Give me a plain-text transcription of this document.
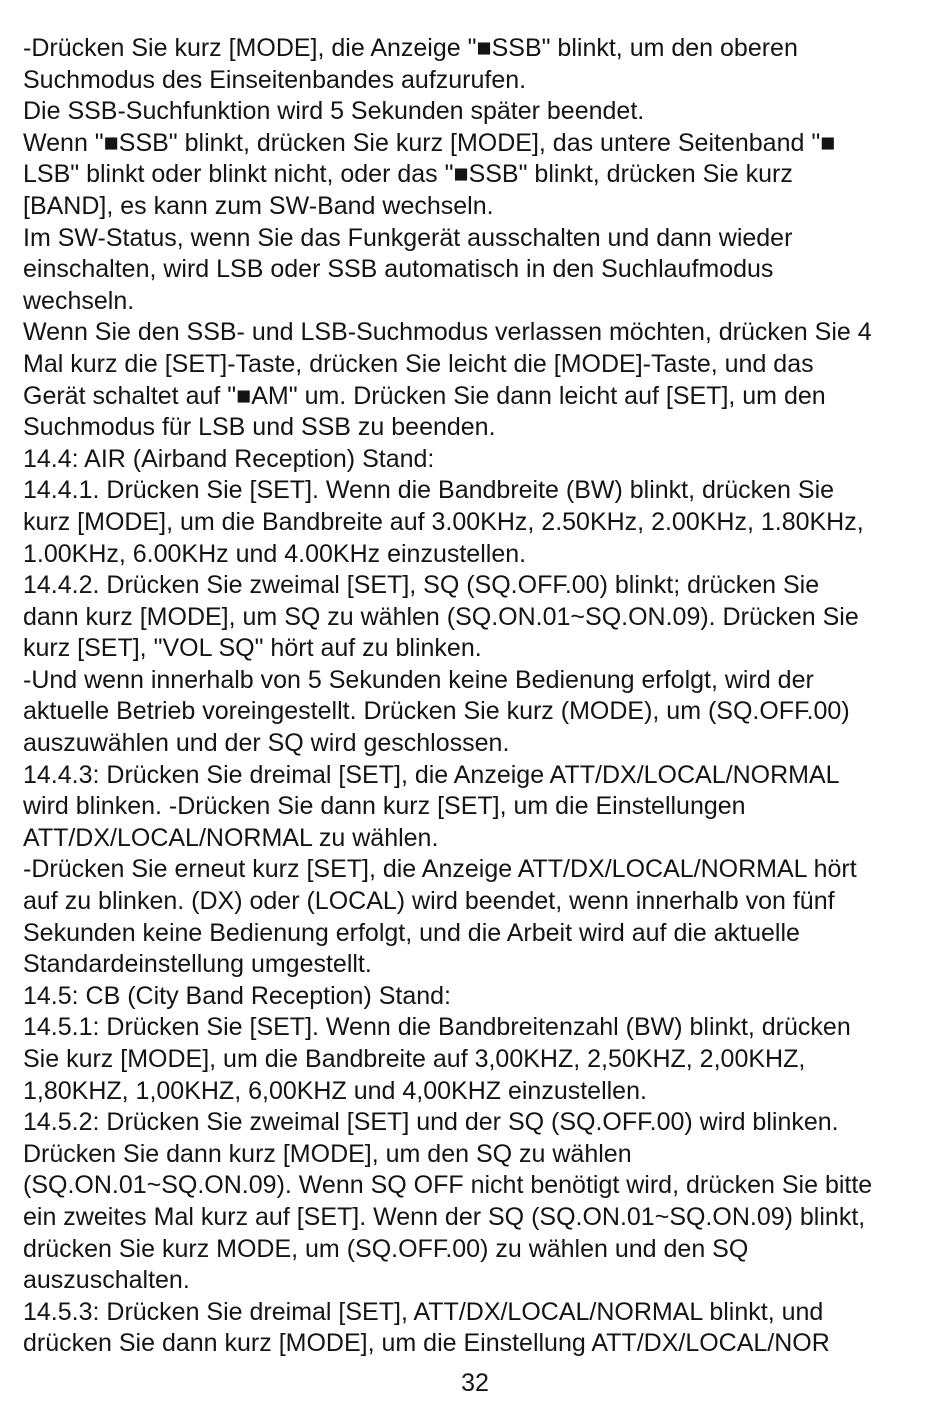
-Drücken Sie kurz [MODE], die Anzeige "■SSB" blinkt, um den oberen
Suchmodus des Einseitenbandes aufzurufen.
Die SSB-Suchfunktion wird 5 Sekunden später beendet.
Wenn "■SSB" blinkt, drücken Sie kurz [MODE], das untere Seitenband "■
LSB" blinkt oder blinkt nicht, oder das "■SSB" blinkt, drücken Sie kurz
[BAND], es kann zum SW-Band wechseln.
Im SW-Status, wenn Sie das Funkgerät ausschalten und dann wieder
einschalten, wird LSB oder SSB automatisch in den Suchlaufmodus
wechseln.
Wenn Sie den SSB- und LSB-Suchmodus verlassen möchten, drücken Sie 4
Mal kurz die [SET]-Taste, drücken Sie leicht die [MODE]-Taste, und das
Gerät schaltet auf "■AM" um. Drücken Sie dann leicht auf [SET], um den
Suchmodus für LSB und SSB zu beenden.
14.4: AIR (Airband Reception) Stand:
14.4.1. Drücken Sie [SET]. Wenn die Bandbreite (BW) blinkt, drücken Sie
kurz [MODE], um die Bandbreite auf 3.00KHz, 2.50KHz, 2.00KHz, 1.80KHz,
1.00KHz, 6.00KHz und 4.00KHz einzustellen.
14.4.2. Drücken Sie zweimal [SET], SQ (SQ.OFF.00) blinkt; drücken Sie
dann kurz [MODE], um SQ zu wählen (SQ.ON.01~SQ.ON.09). Drücken Sie
kurz [SET], "VOL SQ" hört auf zu blinken.
-Und wenn innerhalb von 5 Sekunden keine Bedienung erfolgt, wird der
aktuelle Betrieb voreingestellt. Drücken Sie kurz (MODE), um (SQ.OFF.00)
auszuwählen und der SQ wird geschlossen.
14.4.3: Drücken Sie dreimal [SET], die Anzeige ATT/DX/LOCAL/NORMAL
wird blinken. -Drücken Sie dann kurz [SET], um die Einstellungen
ATT/DX/LOCAL/NORMAL zu wählen.
-Drücken Sie erneut kurz [SET], die Anzeige ATT/DX/LOCAL/NORMAL hört
auf zu blinken. (DX) oder (LOCAL) wird beendet, wenn innerhalb von fünf
Sekunden keine Bedienung erfolgt, und die Arbeit wird auf die aktuelle
Standardeinstellung umgestellt.
14.5: CB (City Band Reception) Stand:
14.5.1: Drücken Sie [SET]. Wenn die Bandbreitenzahl (BW) blinkt, drücken
Sie kurz [MODE], um die Bandbreite auf 3,00KHZ, 2,50KHZ, 2,00KHZ,
1,80KHZ, 1,00KHZ, 6,00KHZ und 4,00KHZ einzustellen.
14.5.2: Drücken Sie zweimal [SET] und der SQ (SQ.OFF.00) wird blinken.
Drücken Sie dann kurz [MODE], um den SQ zu wählen
(SQ.ON.01~SQ.ON.09). Wenn SQ OFF nicht benötigt wird, drücken Sie bitte
ein zweites Mal kurz auf [SET]. Wenn der SQ (SQ.ON.01~SQ.ON.09) blinkt,
drücken Sie kurz MODE, um (SQ.OFF.00) zu wählen und den SQ
auszuschalten.
14.5.3: Drücken Sie dreimal [SET], ATT/DX/LOCAL/NORMAL blinkt, und
drücken Sie dann kurz [MODE], um die Einstellung ATT/DX/LOCAL/NOR
32
